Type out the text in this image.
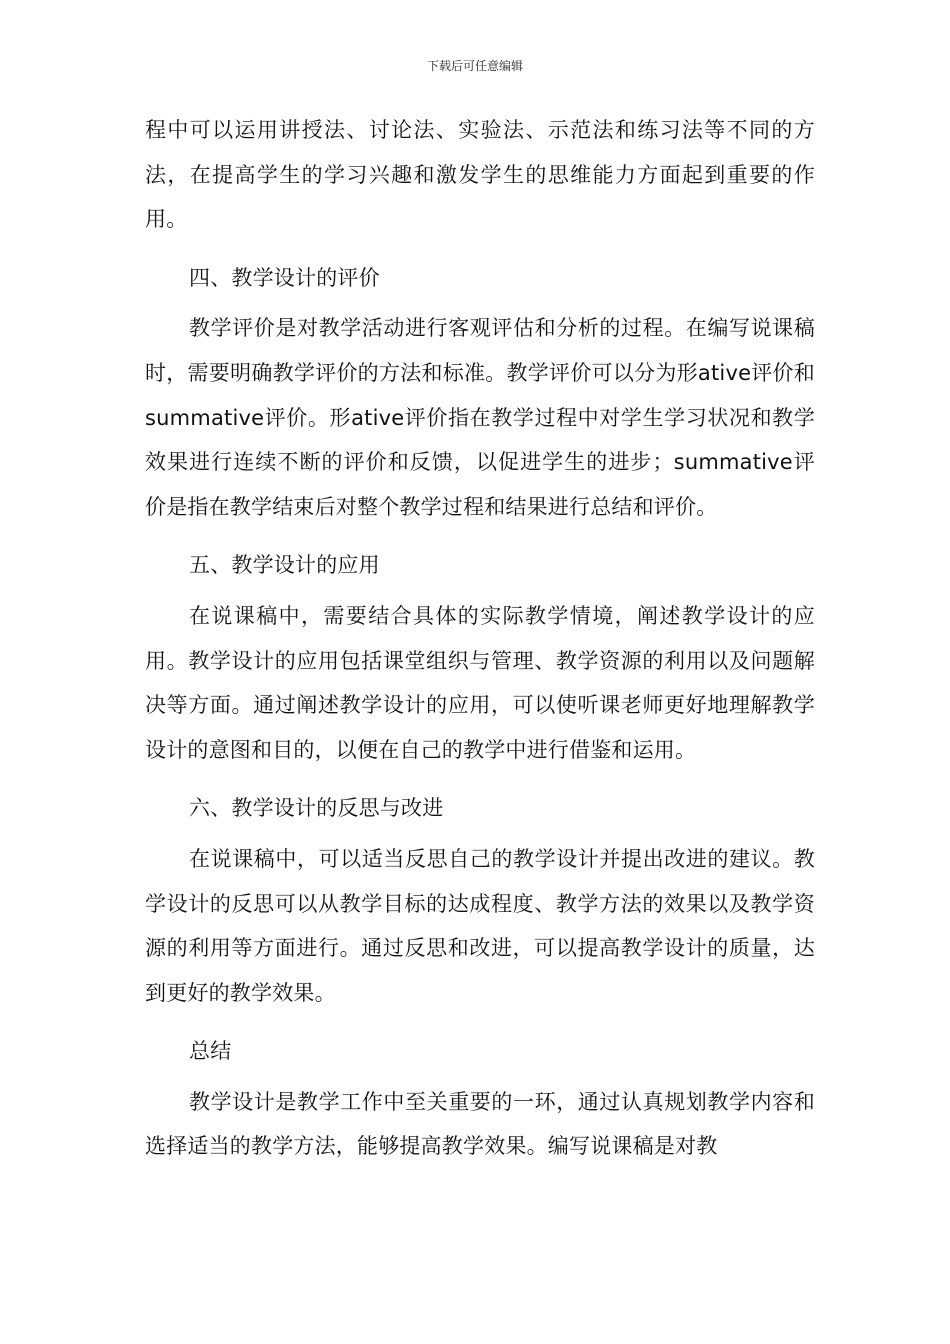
下载后可任意编辑

程中可以运用讲授法、讨论法、实验法、示范法和练习法等不同的方法，在提高学生的学习兴趣和激发学生的思维能力方面起到重要的作用。

四、教学设计的评价

教学评价是对教学活动进行客观评估和分析的过程。在编写说课稿时，需要明确教学评价的方法和标准。教学评价可以分为形ative评价和summative评价。形ative评价指在教学过程中对学生学习状况和教学效果进行连续不断的评价和反馈，以促进学生的进步；summative评价是指在教学结束后对整个教学过程和结果进行总结和评价。

五、教学设计的应用

在说课稿中，需要结合具体的实际教学情境，阐述教学设计的应用。教学设计的应用包括课堂组织与管理、教学资源的利用以及问题解决等方面。通过阐述教学设计的应用，可以使听课老师更好地理解教学设计的意图和目的，以便在自己的教学中进行借鉴和运用。

六、教学设计的反思与改进

在说课稿中，可以适当反思自己的教学设计并提出改进的建议。教学设计的反思可以从教学目标的达成程度、教学方法的效果以及教学资源的利用等方面进行。通过反思和改进，可以提高教学设计的质量，达到更好的教学效果。

总结

教学设计是教学工作中至关重要的一环，通过认真规划教学内容和选择适当的教学方法，能够提高教学效果。编写说课稿是对教
